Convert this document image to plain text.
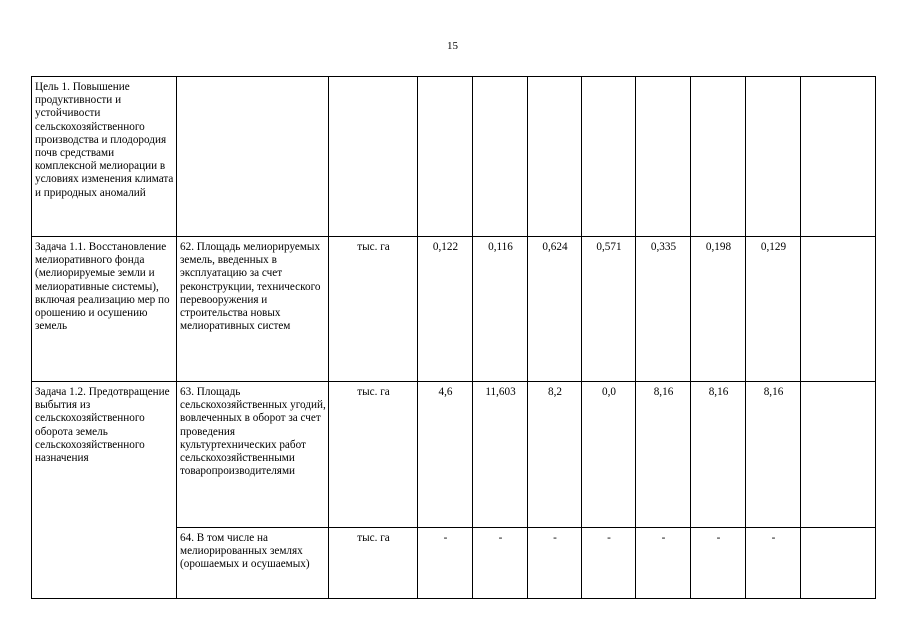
15
Цель 1. Повышение продуктивности и устойчивости сельскохозяйственного производства и плодородия почв средствами комплексной мелиорации в условиях изменения климата и природных аномалий										
Задача 1.1. Восстановление мелиоративного фонда (мелиорируемые земли и мелиоративные системы), включая реализацию мер по орошению и осушению земель	62. Площадь мелиорируемых земель, введенных в эксплуатацию за счет реконструкции, технического перевооружения и строительства новых мелиоративных систем	тыс. га	0,122	0,116	0,624	0,571	0,335	0,198	0,129	
Задача 1.2. Предотвращение выбытия из сельскохозяйственного оборота земель сельскохозяйственного назначения	63. Площадь сельскохозяйственных угодий, вовлеченных в оборот за счет проведения культуртехнических работ сельскохозяйственными товаропроизводителями	тыс. га	4,6	11,603	8,2	0,0	8,16	8,16	8,16	
	64. В том числе на мелиорированных землях (орошаемых и осушаемых)	тыс. га	-	-	-	-	-	-	-	
